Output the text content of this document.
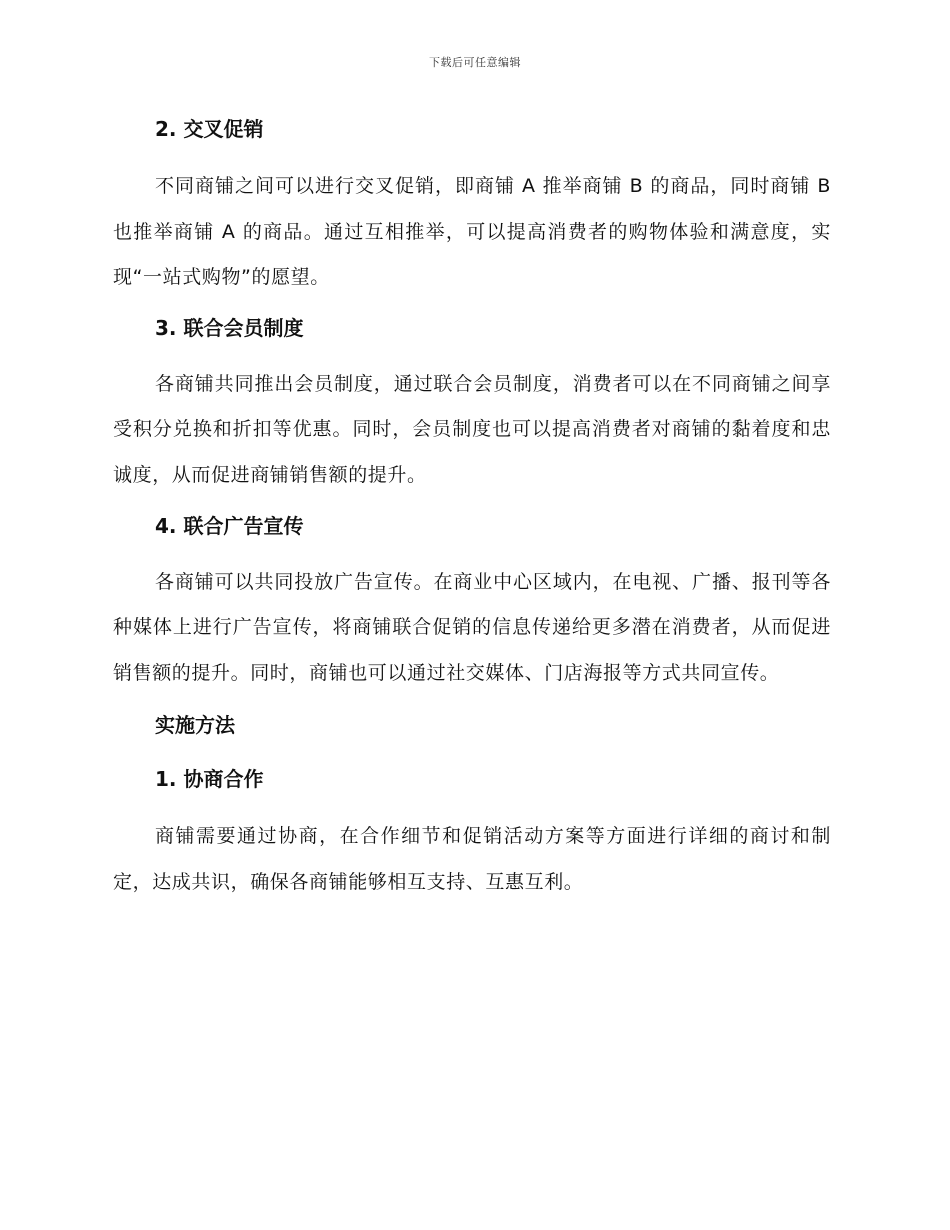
下载后可任意编辑
2. 交叉促销

不同商铺之间可以进行交叉促销，即商铺 A 推举商铺 B 的商品，同时商铺 B 也推举商铺 A 的商品。通过互相推举，可以提高消费者的购物体验和满意度，实现“一站式购物”的愿望。

3. 联合会员制度

各商铺共同推出会员制度，通过联合会员制度，消费者可以在不同商铺之间享受积分兑换和折扣等优惠。同时，会员制度也可以提高消费者对商铺的黏着度和忠诚度，从而促进商铺销售额的提升。

4. 联合广告宣传

各商铺可以共同投放广告宣传。在商业中心区域内，在电视、广播、报刊等各种媒体上进行广告宣传，将商铺联合促销的信息传递给更多潜在消费者，从而促进销售额的提升。同时，商铺也可以通过社交媒体、门店海报等方式共同宣传。

实施方法
1. 协商合作

商铺需要通过协商，在合作细节和促销活动方案等方面进行详细的商讨和制定，达成共识，确保各商铺能够相互支持、互惠互利。
